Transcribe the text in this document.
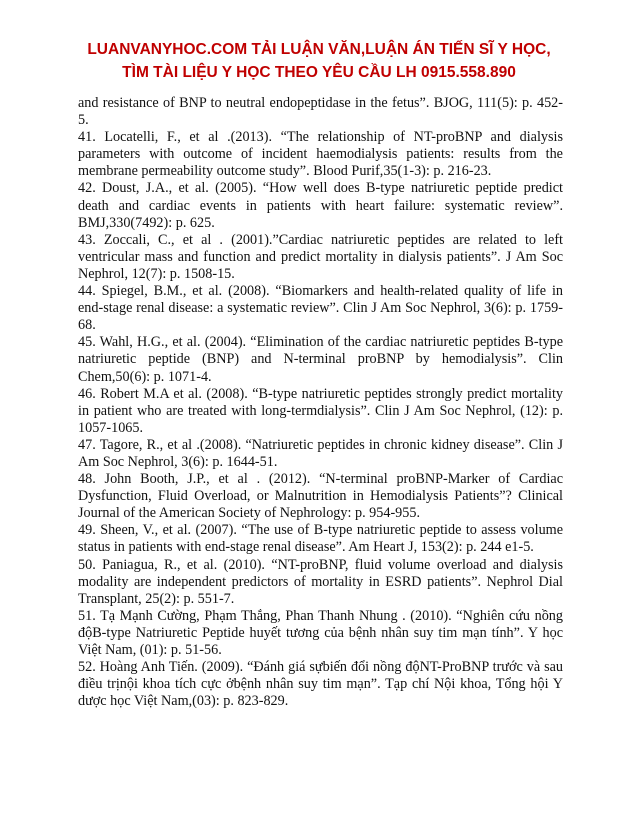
LUANVANYHOC.COM TẢI LUẬN VĂN,LUẬN ÁN TIẾN SĨ Y HỌC,
TÌM TÀI LIỆU Y HỌC THEO YÊU CẦU LH 0915.558.890

and resistance of BNP to neutral endopeptidase in the fetus”. BJOG, 111(5): p. 452-5.

41. Locatelli, F., et al .(2013). “The relationship of NT-proBNP and dialysis parameters with outcome of incident haemodialysis patients: results from the membrane permeability outcome study”. Blood Purif,35(1-3): p. 216-23.

42. Doust, J.A., et al. (2005). “How well does B-type natriuretic peptide predict death and cardiac events in patients with heart failure: systematic review”. BMJ,330(7492): p. 625.

43. Zoccali, C., et al . (2001).”Cardiac natriuretic peptides are related to left ventricular mass and function and predict mortality in dialysis patients”. J Am Soc Nephrol, 12(7): p. 1508-15.

44. Spiegel, B.M., et al. (2008). “Biomarkers and health-related quality of life in end-stage renal disease: a systematic review”. Clin J Am Soc Nephrol, 3(6): p. 1759-68.

45. Wahl, H.G., et al. (2004). “Elimination of the cardiac natriuretic peptides B-type natriuretic peptide (BNP) and N-terminal proBNP by hemodialysis”. Clin Chem,50(6): p. 1071-4.

46. Robert M.A et al. (2008). “B-type natriuretic peptides strongly predict mortality in patient who are treated with long-termdialysis”. Clin J Am Soc Nephrol, (12): p. 1057-1065.

47. Tagore, R., et al .(2008). “Natriuretic peptides in chronic kidney disease”. Clin J Am Soc Nephrol, 3(6): p. 1644-51.

48. John Booth, J.P., et al . (2012). “N-terminal proBNP-Marker of Cardiac Dysfunction, Fluid Overload, or Malnutrition in Hemodialysis Patients”? Clinical Journal of the American Society of Nephrology: p. 954-955.

49. Sheen, V., et al. (2007). “The use of B-type natriuretic peptide to assess volume status in patients with end-stage renal disease”. Am Heart J, 153(2): p. 244 e1-5.

50. Paniagua, R., et al. (2010). “NT-proBNP, fluid volume overload and dialysis modality are independent predictors of mortality in ESRD patients”. Nephrol Dial Transplant, 25(2): p. 551-7.

51. Tạ Mạnh Cường, Phạm Thắng, Phan Thanh Nhung . (2010). “Nghiên cứu nồng độB-type Natriuretic Peptide huyết tương của bệnh nhân suy tim mạn tính”. Y học Việt Nam, (01): p. 51-56.

52. Hoàng Anh Tiến. (2009). “Đánh giá sựbiến đổi nồng độNT-ProBNP trước và sau điều trịnội khoa tích cực ởbệnh nhân suy tim mạn”. Tạp chí Nội khoa, Tổng hội Y dược học Việt Nam,(03): p. 823-829.
